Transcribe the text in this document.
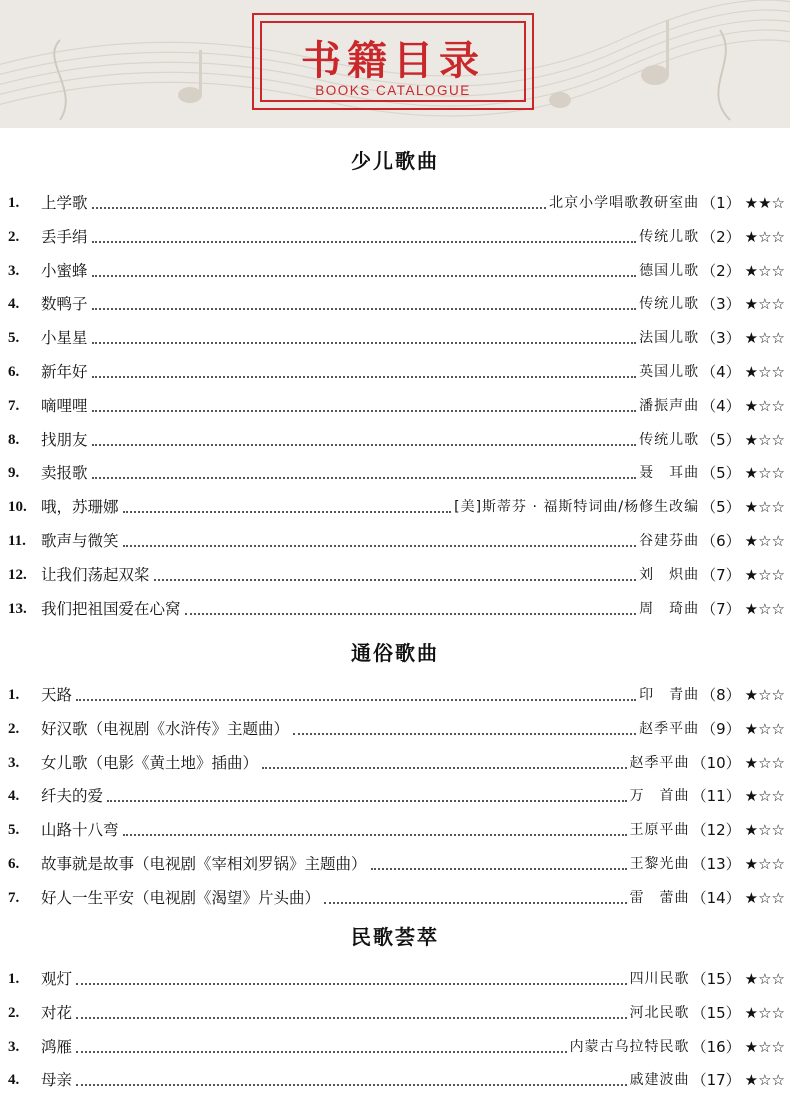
书籍目录
BOOKS CATALOGUE
少儿歌曲
1. 上学歌	北京小学唱歌教研室曲 （1） ★★☆
2. 丢手绢	传统儿歌 （2） ★☆☆
3. 小蜜蜂	德国儿歌 （2） ★☆☆
4. 数鸭子	传统儿歌 （3） ★☆☆
5. 小星星	法国儿歌 （3） ★☆☆
6. 新年好	英国儿歌 （4） ★☆☆
7. 嘀哩哩	潘振声曲 （4） ★☆☆
8. 找朋友	传统儿歌 （5） ★☆☆
9. 卖报歌	聂　耳曲 （5） ★☆☆
10. 哦，苏珊娜	[美]斯蒂芬 · 福斯特词曲/杨修生改编 （5） ★☆☆
11. 歌声与微笑	谷建芬曲 （6） ★☆☆
12. 让我们荡起双桨	刘　炽曲 （7） ★☆☆
13. 我们把祖国爱在心窝	周　琦曲 （7） ★☆☆
通俗歌曲
1. 天路	印　青曲 （8） ★☆☆
2. 好汉歌（电视剧《水浒传》主题曲）	赵季平曲 （9） ★☆☆
3. 女儿歌（电影《黄土地》插曲）	赵季平曲 （10） ★☆☆
4. 纤夫的爱	万　首曲 （11） ★☆☆
5. 山路十八弯	王原平曲 （12） ★☆☆
6. 故事就是故事（电视剧《宰相刘罗锅》主题曲）	王黎光曲 （13） ★☆☆
7. 好人一生平安（电视剧《渴望》片头曲）	雷　蕾曲 （14） ★☆☆
民歌荟萃
1. 观灯	四川民歌 （15） ★☆☆
2. 对花	河北民歌 （15） ★☆☆
3. 鸿雁	内蒙古乌拉特民歌 （16） ★☆☆
4. 母亲	戚建波曲 （17） ★☆☆
